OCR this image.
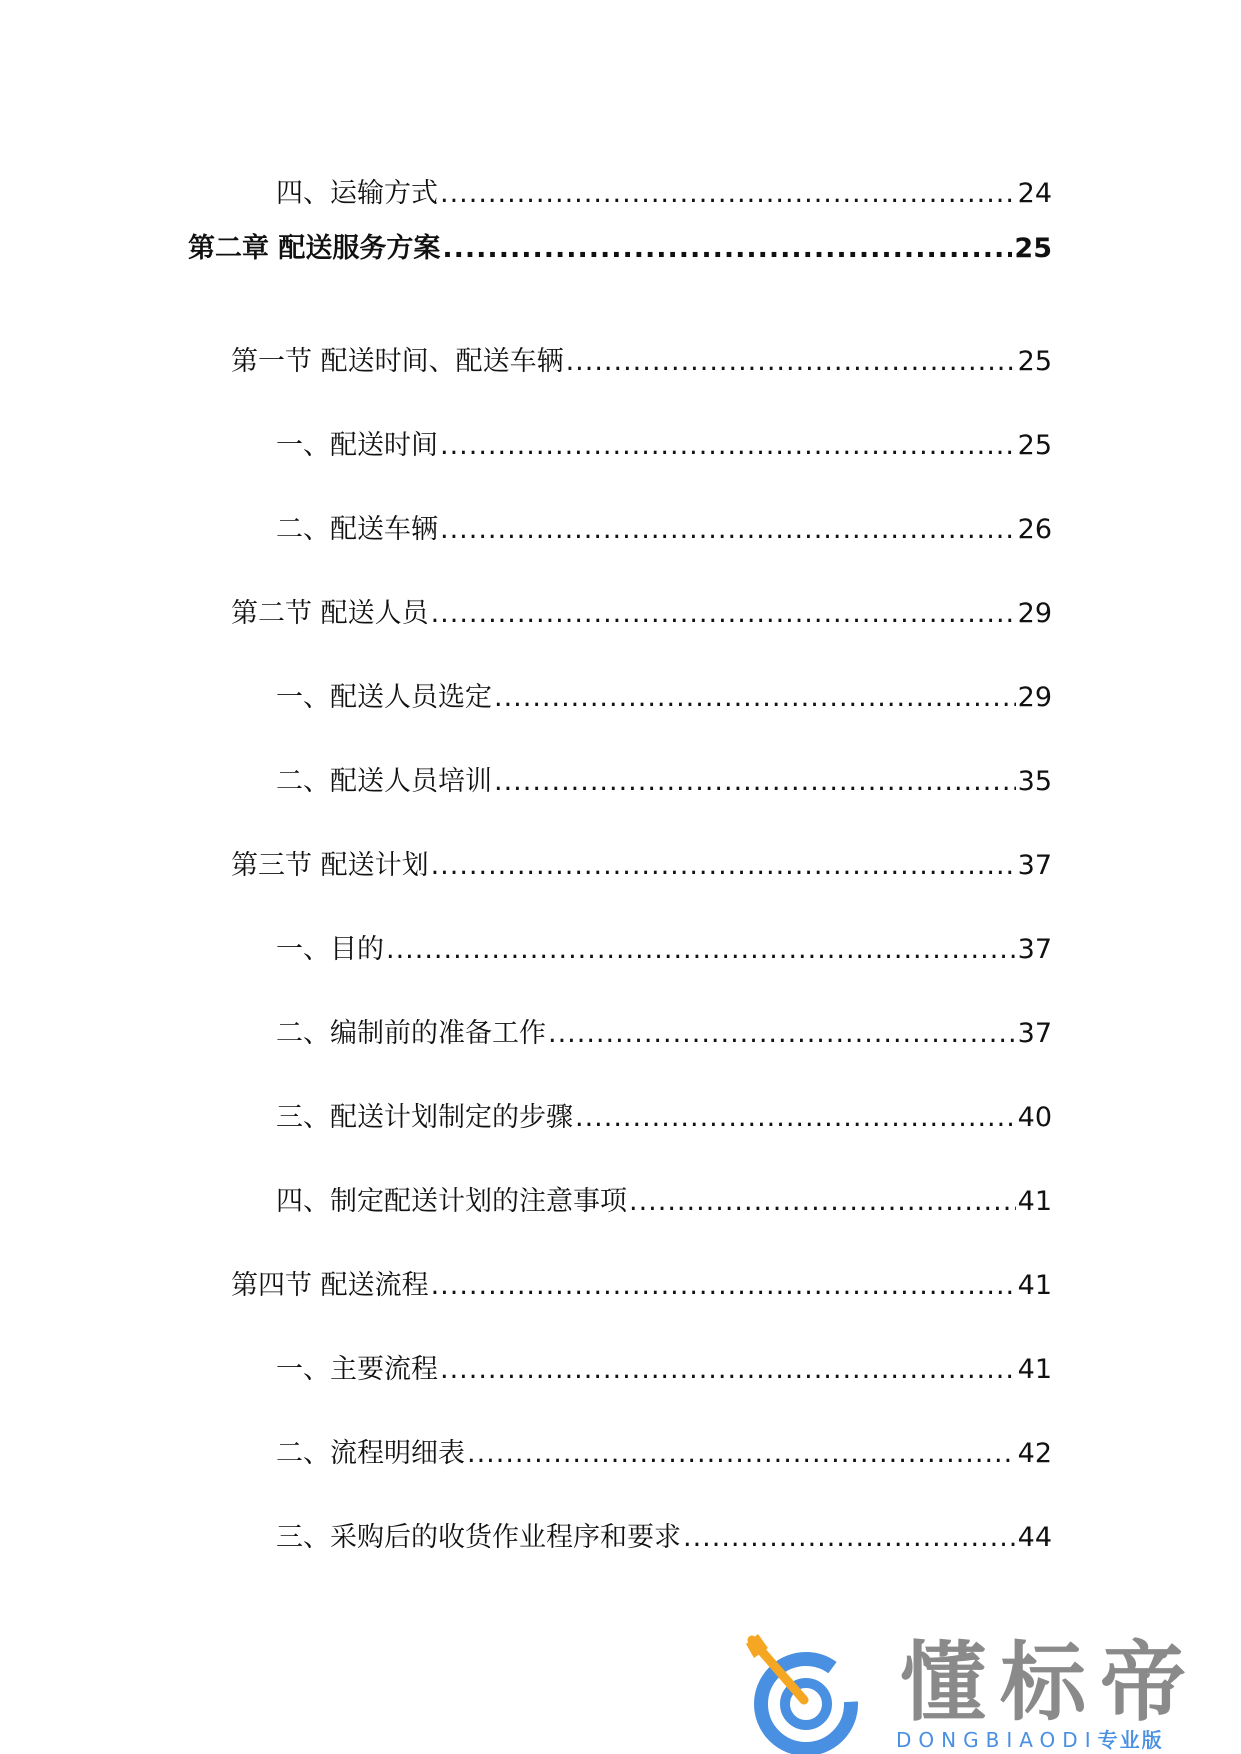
四、运输方式 .....	24
第二章 配送服务方案 .....	25
第一节 配送时间、配送车辆 .....	25
一、配送时间 .....	25
二、配送车辆 .....	26
第二节 配送人员 .....	29
一、配送人员选定 .....	29
二、配送人员培训 .....	35
第三节 配送计划 .....	37
一、目的 .....	37
二、编制前的准备工作 .....	37
三、配送计划制定的步骤 .....	40
四、制定配送计划的注意事项 .....	41
第四节 配送流程 .....	41
一、主要流程 .....	41
二、流程明细表 .....	42
三、采购后的收货作业程序和要求 .....	44
懂标帝
DONGBIAODI专业版
